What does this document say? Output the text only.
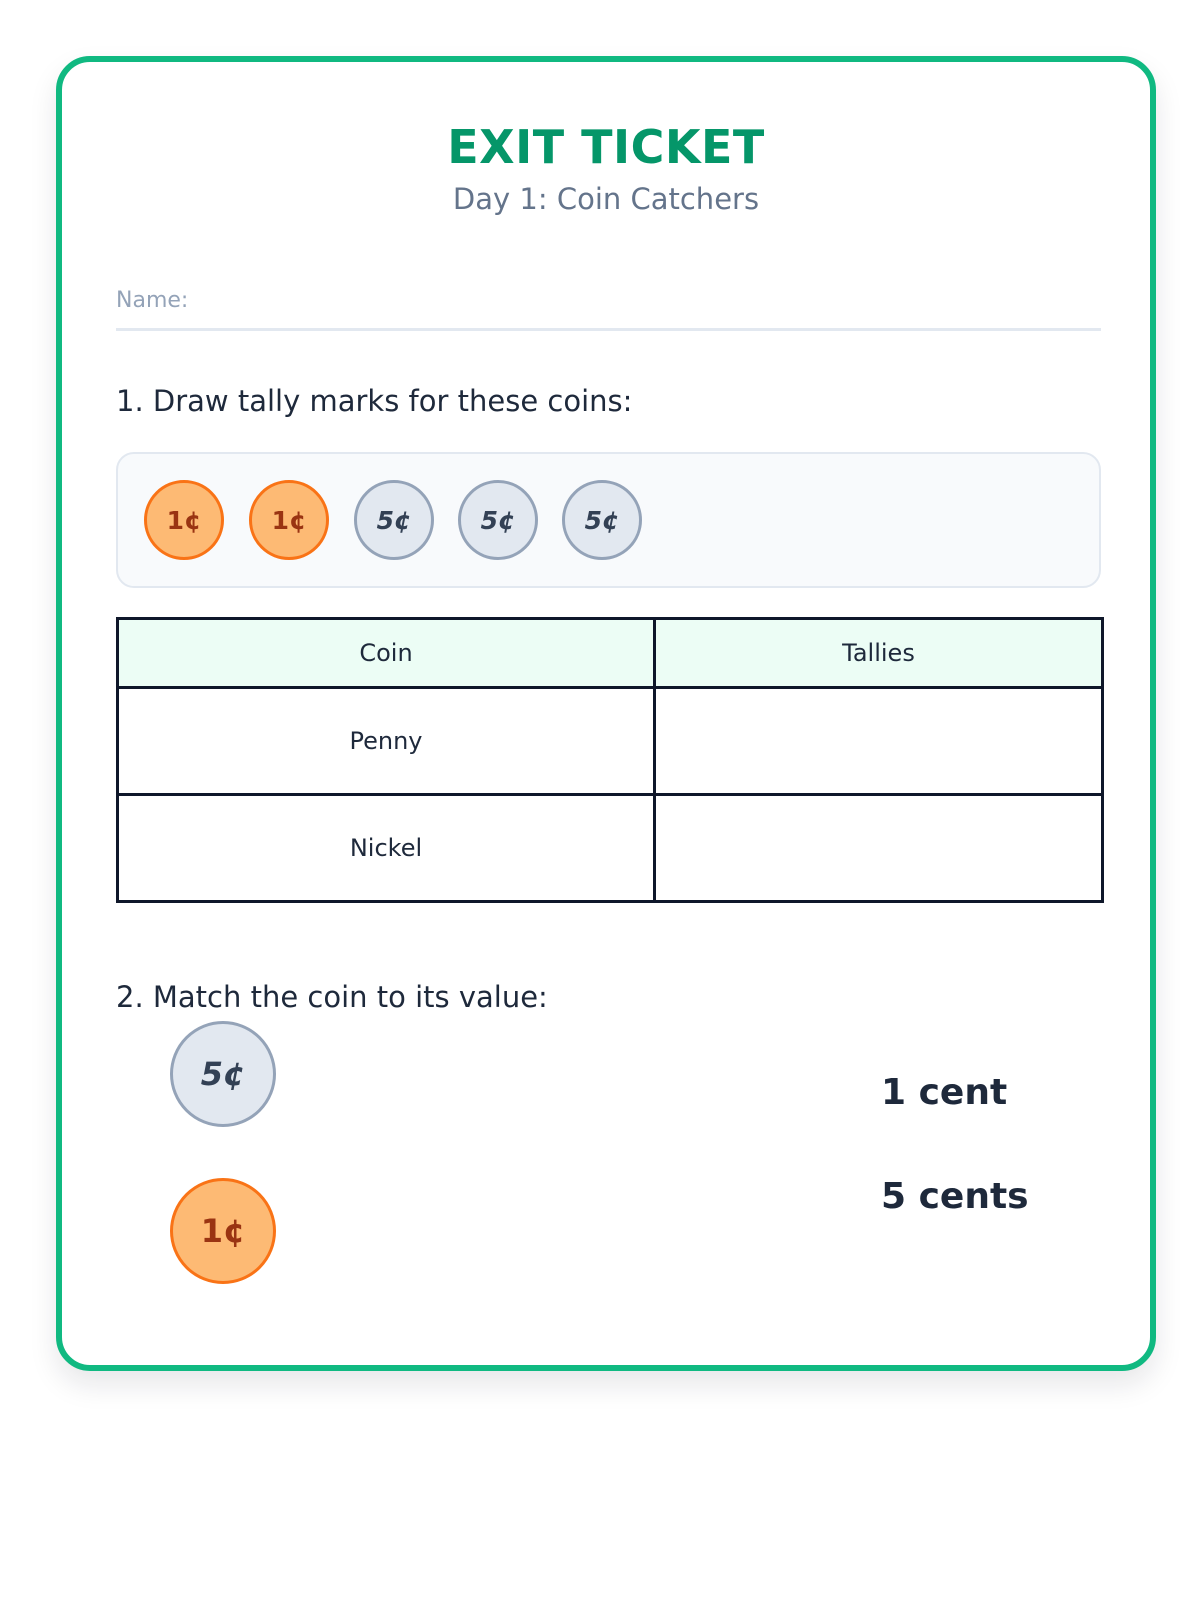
EXIT TICKET
Day 1: Coin Catchers
Name:
1. Draw tally marks for these coins:
1¢	1¢	5¢	5¢	5¢
Coin	Tallies
Penny	
Nickel	
2. Match the coin to its value:
5¢
1¢
1 cent
5 cents
